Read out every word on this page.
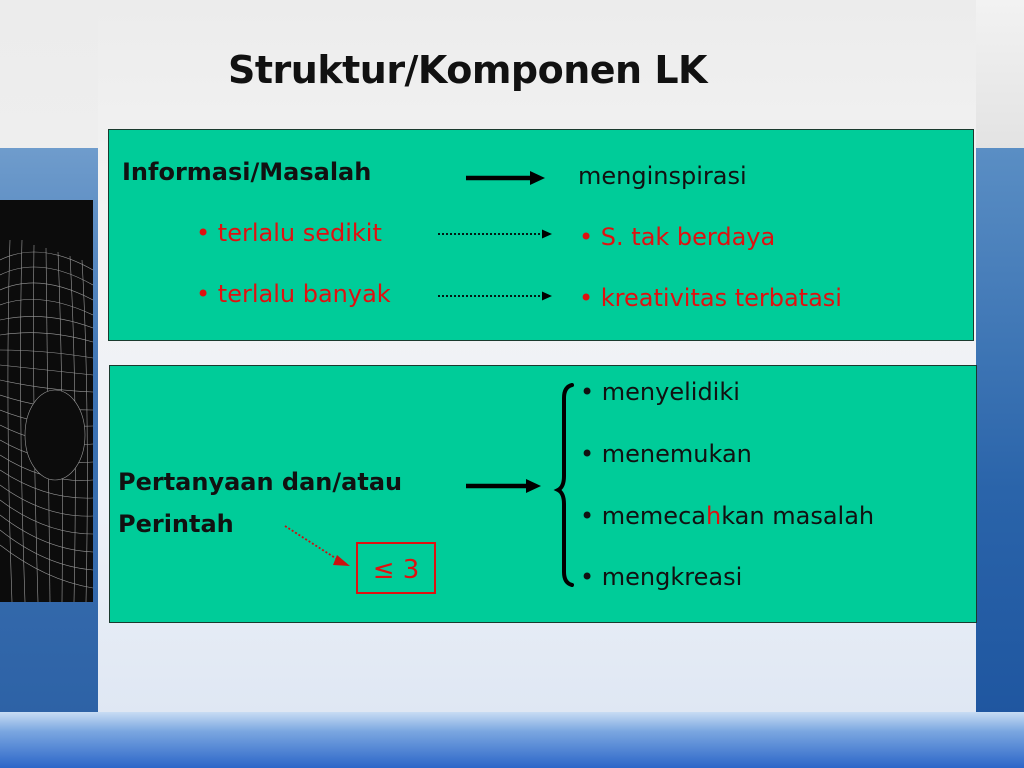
Struktur/Komponen LK
Informasi/Masalah	menginspirasi
• terlalu sedikit	• S. tak berdaya
• terlalu banyak	• kreativitas terbatasi
Pertanyaan dan/atau
Perintah
≤ 3
• menyelidiki
• menemukan
• memecahkan masalah
• mengkreasi
